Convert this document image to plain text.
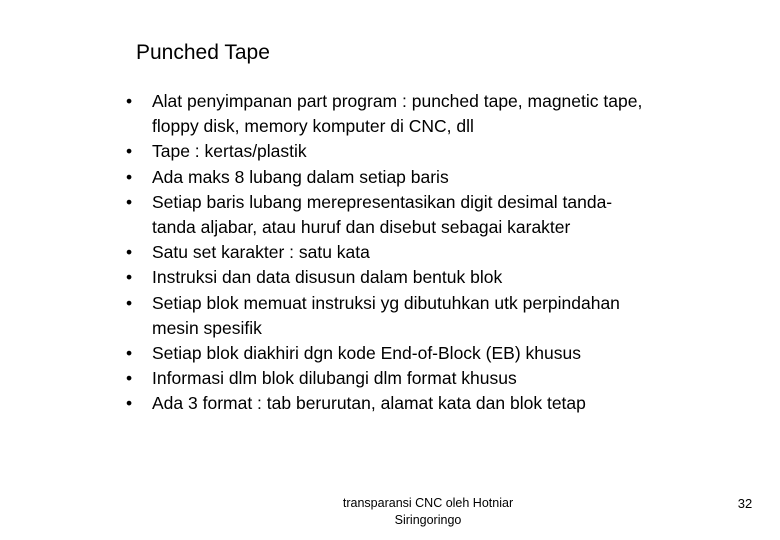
Punched Tape
• Alat penyimpanan part program : punched tape, magnetic tape,
floppy disk, memory komputer di CNC, dll
• Tape : kertas/plastik
• Ada maks 8 lubang dalam setiap baris
• Setiap baris lubang merepresentasikan digit desimal tanda-
tanda aljabar, atau huruf dan disebut sebagai karakter
• Satu set karakter : satu kata
• Instruksi dan data disusun dalam bentuk blok
• Setiap blok memuat instruksi yg dibutuhkan utk perpindahan
mesin spesifik
• Setiap blok diakhiri dgn kode End-of-Block (EB) khusus
• Informasi dlm blok dilubangi dlm format khusus
• Ada 3 format : tab berurutan, alamat kata dan blok tetap
transparansi CNC oleh Hotniar
Siringoringo
32
